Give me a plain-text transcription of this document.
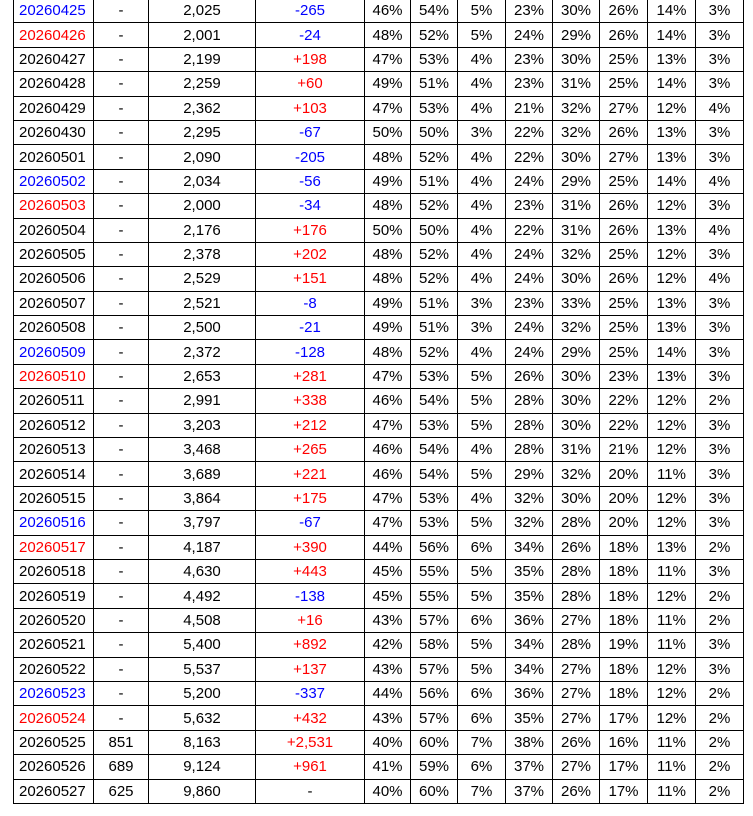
20260425	-	2,025	-265	46%	54%	5%	23%	30%	26%	14%	3%
20260426	-	2,001	-24	48%	52%	5%	24%	29%	26%	14%	3%
20260427	-	2,199	+198	47%	53%	4%	23%	30%	25%	13%	3%
20260428	-	2,259	+60	49%	51%	4%	23%	31%	25%	14%	3%
20260429	-	2,362	+103	47%	53%	4%	21%	32%	27%	12%	4%
20260430	-	2,295	-67	50%	50%	3%	22%	32%	26%	13%	3%
20260501	-	2,090	-205	48%	52%	4%	22%	30%	27%	13%	3%
20260502	-	2,034	-56	49%	51%	4%	24%	29%	25%	14%	4%
20260503	-	2,000	-34	48%	52%	4%	23%	31%	26%	12%	3%
20260504	-	2,176	+176	50%	50%	4%	22%	31%	26%	13%	4%
20260505	-	2,378	+202	48%	52%	4%	24%	32%	25%	12%	3%
20260506	-	2,529	+151	48%	52%	4%	24%	30%	26%	12%	4%
20260507	-	2,521	-8	49%	51%	3%	23%	33%	25%	13%	3%
20260508	-	2,500	-21	49%	51%	3%	24%	32%	25%	13%	3%
20260509	-	2,372	-128	48%	52%	4%	24%	29%	25%	14%	3%
20260510	-	2,653	+281	47%	53%	5%	26%	30%	23%	13%	3%
20260511	-	2,991	+338	46%	54%	5%	28%	30%	22%	12%	2%
20260512	-	3,203	+212	47%	53%	5%	28%	30%	22%	12%	3%
20260513	-	3,468	+265	46%	54%	4%	28%	31%	21%	12%	3%
20260514	-	3,689	+221	46%	54%	5%	29%	32%	20%	11%	3%
20260515	-	3,864	+175	47%	53%	4%	32%	30%	20%	12%	3%
20260516	-	3,797	-67	47%	53%	5%	32%	28%	20%	12%	3%
20260517	-	4,187	+390	44%	56%	6%	34%	26%	18%	13%	2%
20260518	-	4,630	+443	45%	55%	5%	35%	28%	18%	11%	3%
20260519	-	4,492	-138	45%	55%	5%	35%	28%	18%	12%	2%
20260520	-	4,508	+16	43%	57%	6%	36%	27%	18%	11%	2%
20260521	-	5,400	+892	42%	58%	5%	34%	28%	19%	11%	3%
20260522	-	5,537	+137	43%	57%	5%	34%	27%	18%	12%	3%
20260523	-	5,200	-337	44%	56%	6%	36%	27%	18%	12%	2%
20260524	-	5,632	+432	43%	57%	6%	35%	27%	17%	12%	2%
20260525	851	8,163	+2,531	40%	60%	7%	38%	26%	16%	11%	2%
20260526	689	9,124	+961	41%	59%	6%	37%	27%	17%	11%	2%
20260527	625	9,860	-	40%	60%	7%	37%	26%	17%	11%	2%
